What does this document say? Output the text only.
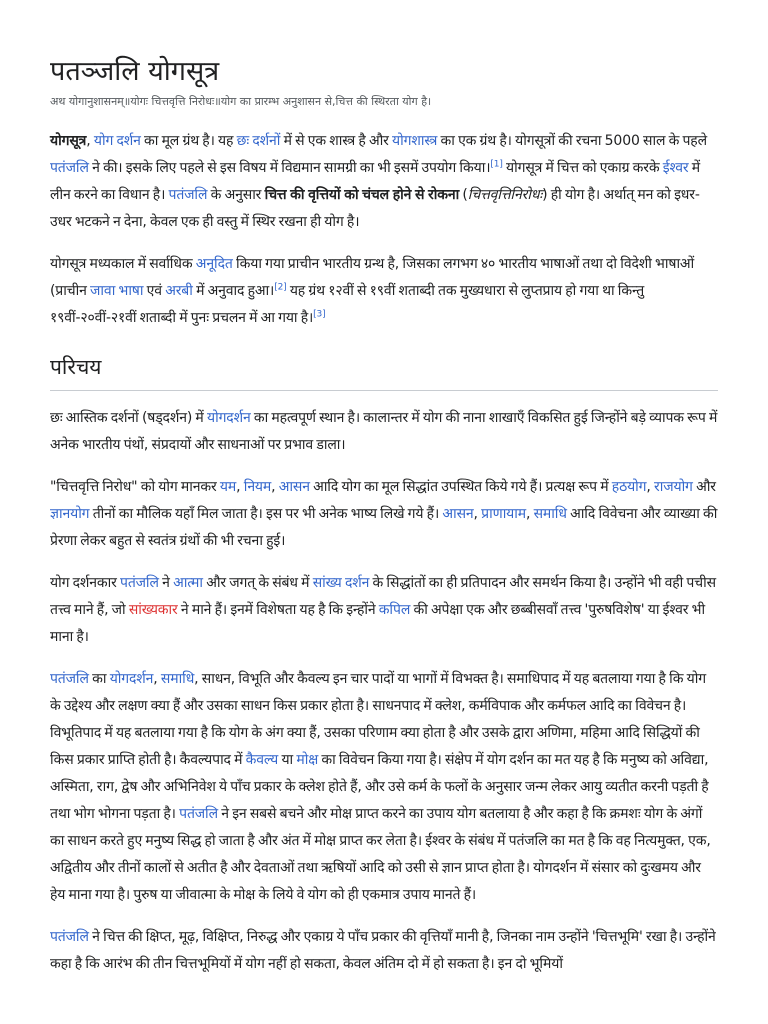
पतञ्जलि योगसूत्र
अथ योगानुशासनम्॥योगः चित्तवृत्ति निरोधः॥योग का प्रारम्भ अनुशासन से,चित्त की स्थिरता योग है।

योगसूत्र, योग दर्शन का मूल ग्रंथ है। यह छः दर्शनों में से एक शास्त्र है और योगशास्त्र का एक ग्रंथ है। योगसूत्रों की रचना 5000 साल के पहले पतंजलि ने की। इसके लिए पहले से इस विषय में विद्यमान सामग्री का भी इसमें उपयोग किया।[1] योगसूत्र में चित्त को एकाग्र करके ईश्वर में लीन करने का विधान है। पतंजलि के अनुसार चित्त की वृत्तियों को चंचल होने से रोकना (चित्तवृत्तिनिरोधः) ही योग है। अर्थात् मन को इधर-उधर भटकने न देना, केवल एक ही वस्तु में स्थिर रखना ही योग है।

योगसूत्र मध्यकाल में सर्वाधिक अनूदित किया गया प्राचीन भारतीय ग्रन्थ है, जिसका लगभग ४० भारतीय भाषाओं तथा दो विदेशी भाषाओं (प्राचीन जावा भाषा एवं अरबी में अनुवाद हुआ।[2] यह ग्रंथ १२वीं से १९वीं शताब्दी तक मुख्यधारा से लुप्तप्राय हो गया था किन्तु १९वीं-२०वीं-२१वीं शताब्दी में पुनः प्रचलन में आ गया है।[3]

परिचय

छः आस्तिक दर्शनों (षड्दर्शन) में योगदर्शन का महत्वपूर्ण स्थान है। कालान्तर में योग की नाना शाखाएँ विकसित हुई जिन्होंने बड़े व्यापक रूप में अनेक भारतीय पंथों, संप्रदायों और साधनाओं पर प्रभाव डाला।

"चित्तवृत्ति निरोध" को योग मानकर यम, नियम, आसन आदि योग का मूल सिद्धांत उपस्थित किये गये हैं। प्रत्यक्ष रूप में हठयोग, राजयोग और ज्ञानयोग तीनों का मौलिक यहाँ मिल जाता है। इस पर भी अनेक भाष्य लिखे गये हैं। आसन, प्राणायाम, समाधि आदि विवेचना और व्याख्या की प्रेरणा लेकर बहुत से स्वतंत्र ग्रंथों की भी रचना हुई।

योग दर्शनकार पतंजलि ने आत्मा और जगत् के संबंध में सांख्य दर्शन के सिद्धांतों का ही प्रतिपादन और समर्थन किया है। उन्होंने भी वही पचीस तत्त्व माने हैं, जो सांख्यकार ने माने हैं। इनमें विशेषता यह है कि इन्होंने कपिल की अपेक्षा एक और छब्बीसवाँ तत्त्व 'पुरुषविशेष' या ईश्वर भी माना है।

पतंजलि का योगदर्शन, समाधि, साधन, विभूति और कैवल्य इन चार पादों या भागों में विभक्त है। समाधिपाद में यह बतलाया गया है कि योग के उद्देश्य और लक्षण क्या हैं और उसका साधन किस प्रकार होता है। साधनपाद में क्लेश, कर्मविपाक और कर्मफल आदि का विवेचन है। विभूतिपाद में यह बतलाया गया है कि योग के अंग क्या हैं, उसका परिणाम क्या होता है और उसके द्वारा अणिमा, महिमा आदि सिद्धियों की किस प्रकार प्राप्ति होती है। कैवल्यपाद में कैवल्य या मोक्ष का विवेचन किया गया है। संक्षेप में योग दर्शन का मत यह है कि मनुष्य को अविद्या, अस्मिता, राग, द्वेष और अभिनिवेश ये पाँच प्रकार के क्लेश होते हैं, और उसे कर्म के फलों के अनुसार जन्म लेकर आयु व्यतीत करनी पड़ती है तथा भोग भोगना पड़ता है। पतंजलि ने इन सबसे बचने और मोक्ष प्राप्त करने का उपाय योग बतलाया है और कहा है कि क्रमशः योग के अंगों का साधन करते हुए मनुष्य सिद्ध हो जाता है और अंत में मोक्ष प्राप्त कर लेता है। ईश्वर के संबंध में पतंजलि का मत है कि वह नित्यमुक्त, एक, अद्वितीय और तीनों कालों से अतीत है और देवताओं तथा ऋषियों आदि को उसी से ज्ञान प्राप्त होता है। योगदर्शन में संसार को दुःखमय और हेय माना गया है। पुरुष या जीवात्मा के मोक्ष के लिये वे योग को ही एकमात्र उपाय मानते हैं।

पतंजलि ने चित्त की क्षिप्त, मूढ़, विक्षिप्त, निरुद्ध और एकाग्र ये पाँच प्रकार की वृत्तियाँ मानी है, जिनका नाम उन्होंने 'चित्तभूमि' रखा है। उन्होंने कहा है कि आरंभ की तीन चित्तभूमियों में योग नहीं हो सकता, केवल अंतिम दो में हो सकता है। इन दो भूमियों
